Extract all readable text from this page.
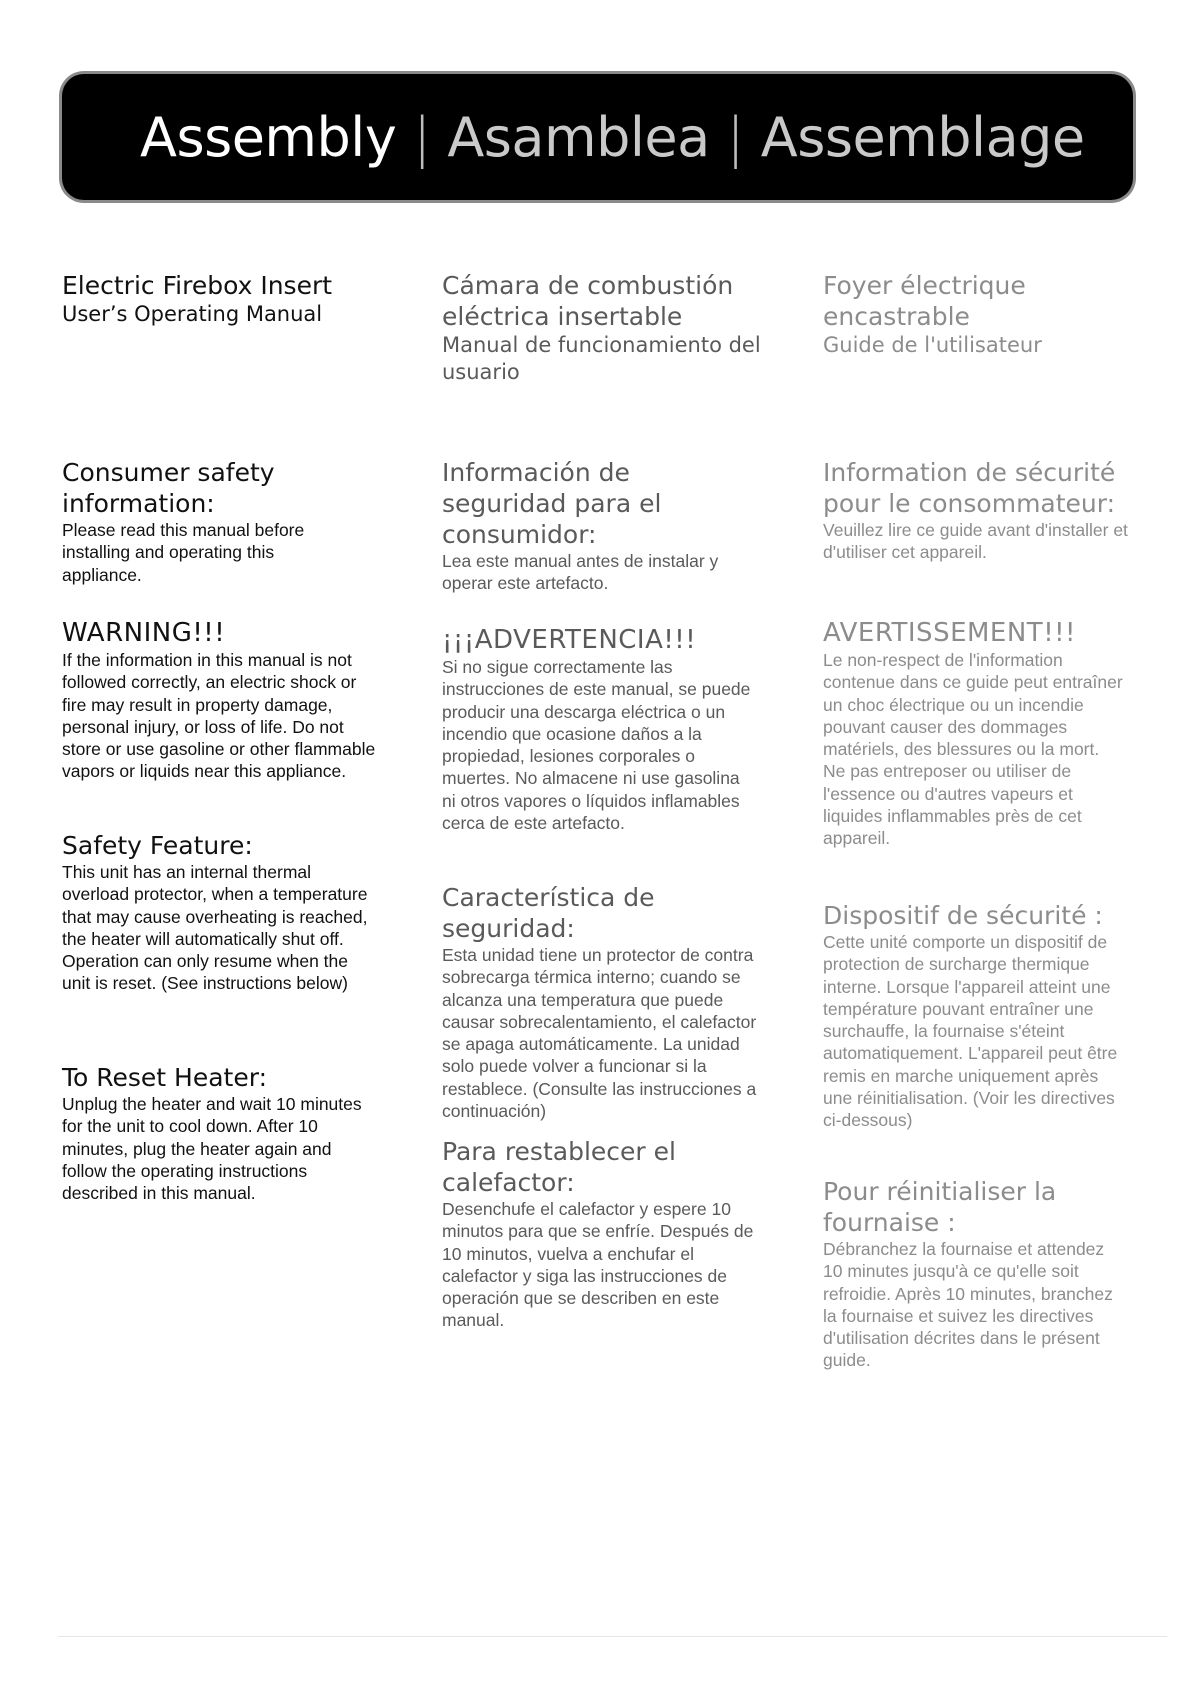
Assembly | Asamblea | Assemblage

Electric Firebox Insert

User’s Operating Manual

Consumer safety information:

Please read this manual before installing and operating this appliance.

WARNING!!!

If the information in this manual is not followed correctly, an electric shock or fire may result in property damage, personal injury, or loss of life. Do not store or use gasoline or other flammable vapors or liquids near this appliance.

Safety Feature:

This unit has an internal thermal overload protector, when a temperature that may cause overheating is reached, the heater will automatically shut off. Operation can only resume when the unit is reset. (See instructions below)

To Reset Heater:

Unplug the heater and wait 10 minutes for the unit to cool down. After 10 minutes, plug the heater again and follow the operating instructions described in this manual.

Cámara de combustión eléctrica insertable

Manual de funcionamiento del usuario

Información de seguridad para el consumidor:

Lea este manual antes de instalar y operar este artefacto.

¡¡¡ADVERTENCIA!!!

Si no sigue correctamente las instrucciones de este manual, se puede producir una descarga eléctrica o un incendio que ocasione daños a la propiedad, lesiones corporales o muertes. No almacene ni use gasolina ni otros vapores o líquidos inflamables cerca de este artefacto.

Característica de seguridad:

Esta unidad tiene un protector de contra sobrecarga térmica interno; cuando se alcanza una temperatura que puede causar sobrecalentamiento, el calefactor se apaga automáticamente. La unidad solo puede volver a funcionar si la restablece. (Consulte las instrucciones a continuación)

Para restablecer el calefactor:

Desenchufe el calefactor y espere 10 minutos para que se enfríe. Después de 10 minutos, vuelva a enchufar el calefactor y siga las instrucciones de operación que se describen en este manual.

Foyer électrique encastrable

Guide de l'utilisateur

Information de sécurité pour le consommateur:

Veuillez lire ce guide avant d'installer et d'utiliser cet appareil.

AVERTISSEMENT!!!

Le non-respect de l'information contenue dans ce guide peut entraîner un choc électrique ou un incendie pouvant causer des dommages matériels, des blessures ou la mort. Ne pas entreposer ou utiliser de l'essence ou d'autres vapeurs et liquides inflammables près de cet appareil.

Dispositif de sécurité :

Cette unité comporte un dispositif de protection de surcharge thermique interne. Lorsque l'appareil atteint une température pouvant entraîner une surchauffe, la fournaise s'éteint automatiquement. L'appareil peut être remis en marche uniquement après une réinitialisation. (Voir les directives ci-dessous)

Pour réinitialiser la fournaise :

Débranchez la fournaise et attendez 10 minutes jusqu'à ce qu'elle soit refroidie. Après 10 minutes, branchez la fournaise et suivez les directives d'utilisation décrites dans le présent guide.
